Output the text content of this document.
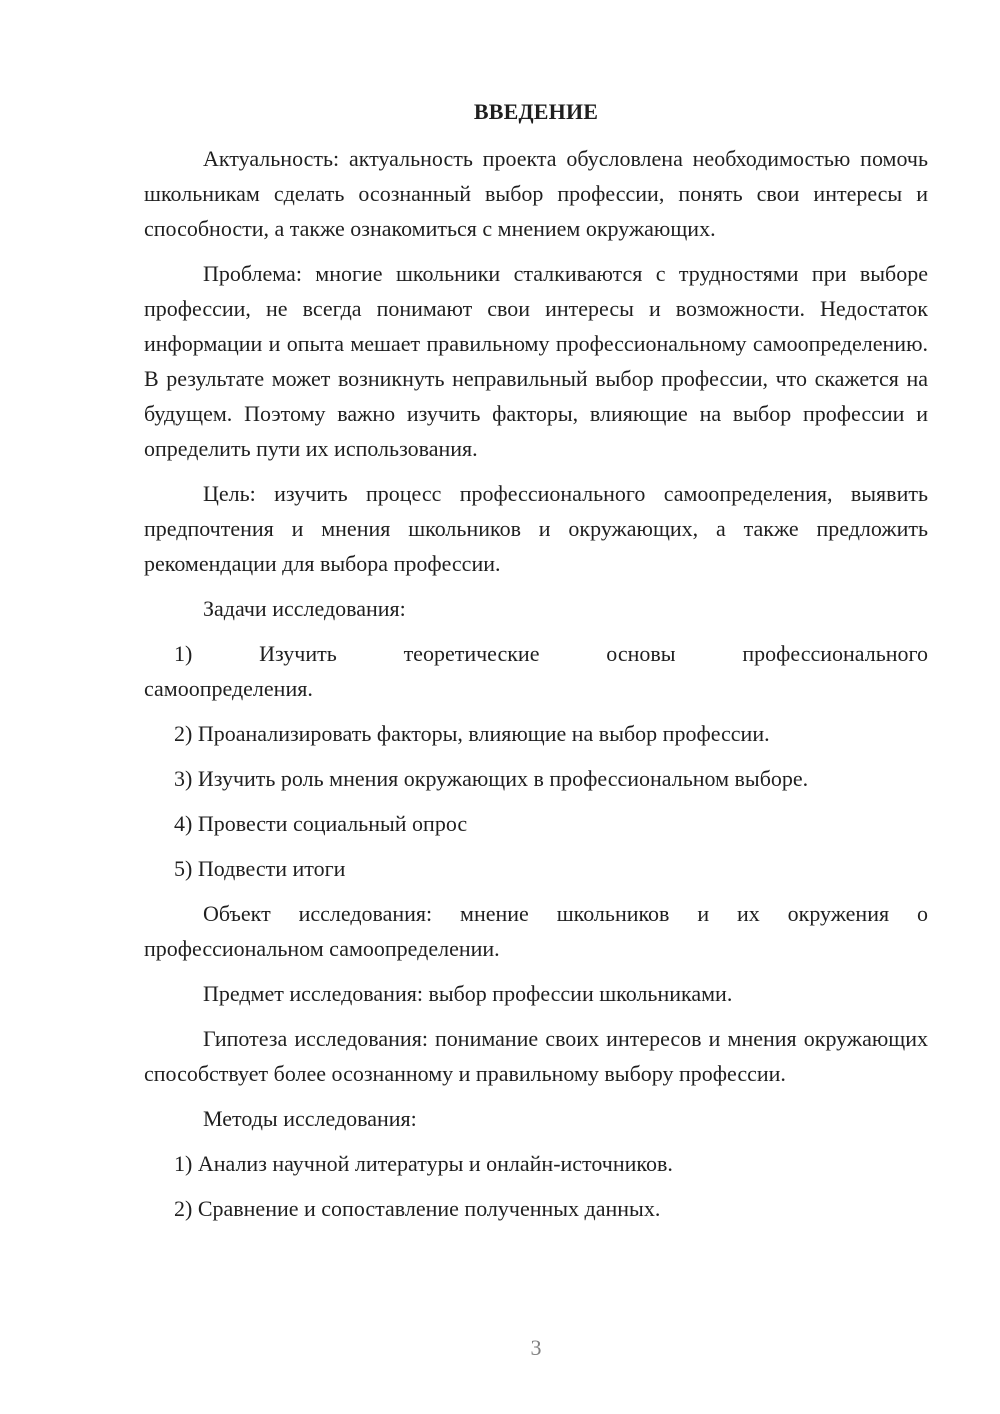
ВВЕДЕНИЕ

Актуальность: актуальность проекта обусловлена необходимостью помочь школьникам сделать осознанный выбор профессии, понять свои интересы и способности, а также ознакомиться с мнением окружающих.

Проблема: многие школьники сталкиваются с трудностями при выборе профессии, не всегда понимают свои интересы и возможности. Недостаток информации и опыта мешает правильному профессиональному самоопределению. В результате может возникнуть неправильный выбор профессии, что скажется на будущем. Поэтому важно изучить факторы, влияющие на выбор профессии и определить пути их использования.

Цель: изучить процесс профессионального самоопределения, выявить предпочтения и мнения школьников и окружающих, а также предложить рекомендации для выбора профессии.

Задачи исследования:

1)	Изучить	теоретические	основы	профессионального
самоопределения.

2) Проанализировать факторы, влияющие на выбор профессии.

3) Изучить роль мнения окружающих в профессиональном выборе.

4) Провести социальный опрос

5) Подвести итоги

Объект исследования: мнение школьников и их окружения о профессиональном самоопределении.

Предмет исследования: выбор профессии школьниками.

Гипотеза исследования: понимание своих интересов и мнения окружающих способствует более осознанному и правильному выбору профессии.

Методы исследования:

1) Анализ научной литературы и онлайн-источников.

2) Сравнение и сопоставление полученных данных.

3
